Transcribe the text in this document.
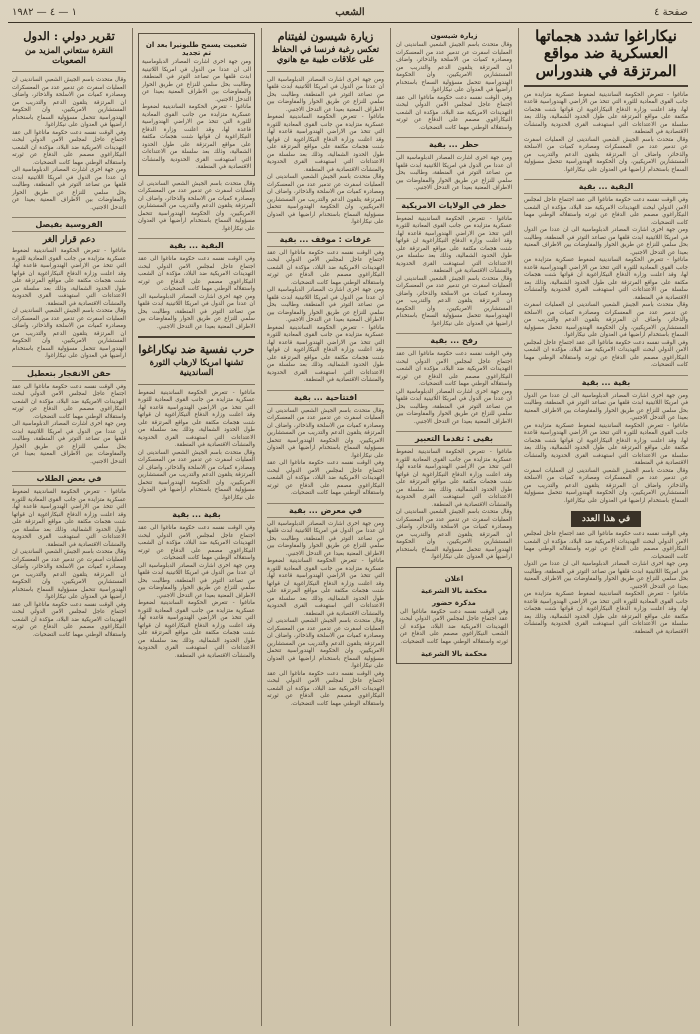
صفحة ٤
الشعب
١ — ٤ — ١٩٨٢
نيكاراغوا تشدد هجماتها العسكرية ضد مواقع المرتزقة في هندوراس
ماناغوا - تتعرض الحكومة الساندينية لضغوط عسكرية متزايدة من جانب القوى المعادية للثورة التي تتخذ من الاراضي الهندوراسية قاعدة لها، وقد اعلنت وزارة الدفاع النيكاراغوية ان قواتها شنت هجمات مكثفة على مواقع المرتزقة على طول الحدود الشمالية، وذلك بعد سلسلة من الاعتداءات التي استهدفت القرى الحدودية والمنشآت الاقتصادية في المنطقة.
وقال متحدث باسم الجيش الشعبي الساندينى ان العمليات اسفرت عن تدمير عدد من المعسكرات ومصادرة كميات من الاسلحة والذخائر، واضاف ان المرتزقة يتلقون الدعم والتدريب من المستشارين الامريكيين، وان الحكومة الهندوراسية تتحمل مسؤولية السماح باستخدام اراضيها في العدوان على نيكاراغوا.
البقية ... بقية
وفي الوقت نفسه دعت حكومة ماناغوا الى عقد اجتماع عاجل لمجلس الامن الدولي لبحث التهديدات الامريكية ضد البلاد، مؤكدة ان الشعب النيكاراغوي مصمم على الدفاع عن ثورته واستقلاله الوطني مهما كانت التضحيات.
ومن جهة اخرى اشارت المصادر الدبلوماسية الى ان عددا من الدول في امريكا اللاتينية ابدت قلقها من تصاعد التوتر في المنطقة، وطالبت بحل سلمي للنزاع عن طريق الحوار والمفاوضات بين الاطراف المعنية بعيدا عن التدخل الاجنبي.
ماناغوا - تتعرض الحكومة الساندينية لضغوط عسكرية متزايدة من جانب القوى المعادية للثورة التي تتخذ من الاراضي الهندوراسية قاعدة لها، وقد اعلنت وزارة الدفاع النيكاراغوية ان قواتها شنت هجمات مكثفة على مواقع المرتزقة على طول الحدود الشمالية، وذلك بعد سلسلة من الاعتداءات التي استهدفت القرى الحدودية والمنشآت الاقتصادية في المنطقة.
وقال متحدث باسم الجيش الشعبي الساندينى ان العمليات اسفرت عن تدمير عدد من المعسكرات ومصادرة كميات من الاسلحة والذخائر، واضاف ان المرتزقة يتلقون الدعم والتدريب من المستشارين الامريكيين، وان الحكومة الهندوراسية تتحمل مسؤولية السماح باستخدام اراضيها في العدوان على نيكاراغوا.
وفي الوقت نفسه دعت حكومة ماناغوا الى عقد اجتماع عاجل لمجلس الامن الدولي لبحث التهديدات الامريكية ضد البلاد، مؤكدة ان الشعب النيكاراغوي مصمم على الدفاع عن ثورته واستقلاله الوطني مهما كانت التضحيات.
بقية ... بقية
ومن جهة اخرى اشارت المصادر الدبلوماسية الى ان عددا من الدول في امريكا اللاتينية ابدت قلقها من تصاعد التوتر في المنطقة، وطالبت بحل سلمي للنزاع عن طريق الحوار والمفاوضات بين الاطراف المعنية بعيدا عن التدخل الاجنبي.
ماناغوا - تتعرض الحكومة الساندينية لضغوط عسكرية متزايدة من جانب القوى المعادية للثورة التي تتخذ من الاراضي الهندوراسية قاعدة لها، وقد اعلنت وزارة الدفاع النيكاراغوية ان قواتها شنت هجمات مكثفة على مواقع المرتزقة على طول الحدود الشمالية، وذلك بعد سلسلة من الاعتداءات التي استهدفت القرى الحدودية والمنشآت الاقتصادية في المنطقة.
وقال متحدث باسم الجيش الشعبي الساندينى ان العمليات اسفرت عن تدمير عدد من المعسكرات ومصادرة كميات من الاسلحة والذخائر، واضاف ان المرتزقة يتلقون الدعم والتدريب من المستشارين الامريكيين، وان الحكومة الهندوراسية تتحمل مسؤولية السماح باستخدام اراضيها في العدوان على نيكاراغوا.
في هذا العدد
وفي الوقت نفسه دعت حكومة ماناغوا الى عقد اجتماع عاجل لمجلس الامن الدولي لبحث التهديدات الامريكية ضد البلاد، مؤكدة ان الشعب النيكاراغوي مصمم على الدفاع عن ثورته واستقلاله الوطني مهما كانت التضحيات.
ومن جهة اخرى اشارت المصادر الدبلوماسية الى ان عددا من الدول في امريكا اللاتينية ابدت قلقها من تصاعد التوتر في المنطقة، وطالبت بحل سلمي للنزاع عن طريق الحوار والمفاوضات بين الاطراف المعنية بعيدا عن التدخل الاجنبي.
ماناغوا - تتعرض الحكومة الساندينية لضغوط عسكرية متزايدة من جانب القوى المعادية للثورة التي تتخذ من الاراضي الهندوراسية قاعدة لها، وقد اعلنت وزارة الدفاع النيكاراغوية ان قواتها شنت هجمات مكثفة على مواقع المرتزقة على طول الحدود الشمالية، وذلك بعد سلسلة من الاعتداءات التي استهدفت القرى الحدودية والمنشآت الاقتصادية في المنطقة.
زيارة شيسون
وقال متحدث باسم الجيش الشعبي الساندينى ان العمليات اسفرت عن تدمير عدد من المعسكرات ومصادرة كميات من الاسلحة والذخائر، واضاف ان المرتزقة يتلقون الدعم والتدريب من المستشارين الامريكيين، وان الحكومة الهندوراسية تتحمل مسؤولية السماح باستخدام اراضيها في العدوان على نيكاراغوا.
وفي الوقت نفسه دعت حكومة ماناغوا الى عقد اجتماع عاجل لمجلس الامن الدولي لبحث التهديدات الامريكية ضد البلاد، مؤكدة ان الشعب النيكاراغوي مصمم على الدفاع عن ثورته واستقلاله الوطني مهما كانت التضحيات.
حظر ... بقية
ومن جهة اخرى اشارت المصادر الدبلوماسية الى ان عددا من الدول في امريكا اللاتينية ابدت قلقها من تصاعد التوتر في المنطقة، وطالبت بحل سلمي للنزاع عن طريق الحوار والمفاوضات بين الاطراف المعنية بعيدا عن التدخل الاجنبي.
خطر في الولايات الامريكية
ماناغوا - تتعرض الحكومة الساندينية لضغوط عسكرية متزايدة من جانب القوى المعادية للثورة التي تتخذ من الاراضي الهندوراسية قاعدة لها، وقد اعلنت وزارة الدفاع النيكاراغوية ان قواتها شنت هجمات مكثفة على مواقع المرتزقة على طول الحدود الشمالية، وذلك بعد سلسلة من الاعتداءات التي استهدفت القرى الحدودية والمنشآت الاقتصادية في المنطقة.
وقال متحدث باسم الجيش الشعبي الساندينى ان العمليات اسفرت عن تدمير عدد من المعسكرات ومصادرة كميات من الاسلحة والذخائر، واضاف ان المرتزقة يتلقون الدعم والتدريب من المستشارين الامريكيين، وان الحكومة الهندوراسية تتحمل مسؤولية السماح باستخدام اراضيها في العدوان على نيكاراغوا.
رفح ... بقية
وفي الوقت نفسه دعت حكومة ماناغوا الى عقد اجتماع عاجل لمجلس الامن الدولي لبحث التهديدات الامريكية ضد البلاد، مؤكدة ان الشعب النيكاراغوي مصمم على الدفاع عن ثورته واستقلاله الوطني مهما كانت التضحيات.
ومن جهة اخرى اشارت المصادر الدبلوماسية الى ان عددا من الدول في امريكا اللاتينية ابدت قلقها من تصاعد التوتر في المنطقة، وطالبت بحل سلمي للنزاع عن طريق الحوار والمفاوضات بين الاطراف المعنية بعيدا عن التدخل الاجنبي.
بقيى : تقدما التعبير
ماناغوا - تتعرض الحكومة الساندينية لضغوط عسكرية متزايدة من جانب القوى المعادية للثورة التي تتخذ من الاراضي الهندوراسية قاعدة لها، وقد اعلنت وزارة الدفاع النيكاراغوية ان قواتها شنت هجمات مكثفة على مواقع المرتزقة على طول الحدود الشمالية، وذلك بعد سلسلة من الاعتداءات التي استهدفت القرى الحدودية والمنشآت الاقتصادية في المنطقة.
وقال متحدث باسم الجيش الشعبي الساندينى ان العمليات اسفرت عن تدمير عدد من المعسكرات ومصادرة كميات من الاسلحة والذخائر، واضاف ان المرتزقة يتلقون الدعم والتدريب من المستشارين الامريكيين، وان الحكومة الهندوراسية تتحمل مسؤولية السماح باستخدام اراضيها في العدوان على نيكاراغوا.
اعلان
محكمة بالا الشرعية
مذكرة حضور
وفي الوقت نفسه دعت حكومة ماناغوا الى عقد اجتماع عاجل لمجلس الامن الدولي لبحث التهديدات الامريكية ضد البلاد، مؤكدة ان الشعب النيكاراغوي مصمم على الدفاع عن ثورته واستقلاله الوطني مهما كانت التضحيات.
محكمة بالا الشرعية
زيارة شيسون لفيتنام
تعكس رغبة فرنسا في الحفاظ على علاقات طيبة مع هانوي
ومن جهة اخرى اشارت المصادر الدبلوماسية الى ان عددا من الدول في امريكا اللاتينية ابدت قلقها من تصاعد التوتر في المنطقة، وطالبت بحل سلمي للنزاع عن طريق الحوار والمفاوضات بين الاطراف المعنية بعيدا عن التدخل الاجنبي.
ماناغوا - تتعرض الحكومة الساندينية لضغوط عسكرية متزايدة من جانب القوى المعادية للثورة التي تتخذ من الاراضي الهندوراسية قاعدة لها، وقد اعلنت وزارة الدفاع النيكاراغوية ان قواتها شنت هجمات مكثفة على مواقع المرتزقة على طول الحدود الشمالية، وذلك بعد سلسلة من الاعتداءات التي استهدفت القرى الحدودية والمنشآت الاقتصادية في المنطقة.
وقال متحدث باسم الجيش الشعبي الساندينى ان العمليات اسفرت عن تدمير عدد من المعسكرات ومصادرة كميات من الاسلحة والذخائر، واضاف ان المرتزقة يتلقون الدعم والتدريب من المستشارين الامريكيين، وان الحكومة الهندوراسية تتحمل مسؤولية السماح باستخدام اراضيها في العدوان على نيكاراغوا.
غرفات : موقف ... بقية
وفي الوقت نفسه دعت حكومة ماناغوا الى عقد اجتماع عاجل لمجلس الامن الدولي لبحث التهديدات الامريكية ضد البلاد، مؤكدة ان الشعب النيكاراغوي مصمم على الدفاع عن ثورته واستقلاله الوطني مهما كانت التضحيات.
ومن جهة اخرى اشارت المصادر الدبلوماسية الى ان عددا من الدول في امريكا اللاتينية ابدت قلقها من تصاعد التوتر في المنطقة، وطالبت بحل سلمي للنزاع عن طريق الحوار والمفاوضات بين الاطراف المعنية بعيدا عن التدخل الاجنبي.
ماناغوا - تتعرض الحكومة الساندينية لضغوط عسكرية متزايدة من جانب القوى المعادية للثورة التي تتخذ من الاراضي الهندوراسية قاعدة لها، وقد اعلنت وزارة الدفاع النيكاراغوية ان قواتها شنت هجمات مكثفة على مواقع المرتزقة على طول الحدود الشمالية، وذلك بعد سلسلة من الاعتداءات التي استهدفت القرى الحدودية والمنشآت الاقتصادية في المنطقة.
افتتاحية ... بقية
وقال متحدث باسم الجيش الشعبي الساندينى ان العمليات اسفرت عن تدمير عدد من المعسكرات ومصادرة كميات من الاسلحة والذخائر، واضاف ان المرتزقة يتلقون الدعم والتدريب من المستشارين الامريكيين، وان الحكومة الهندوراسية تتحمل مسؤولية السماح باستخدام اراضيها في العدوان على نيكاراغوا.
وفي الوقت نفسه دعت حكومة ماناغوا الى عقد اجتماع عاجل لمجلس الامن الدولي لبحث التهديدات الامريكية ضد البلاد، مؤكدة ان الشعب النيكاراغوي مصمم على الدفاع عن ثورته واستقلاله الوطني مهما كانت التضحيات.
في معرض ... بقية
ومن جهة اخرى اشارت المصادر الدبلوماسية الى ان عددا من الدول في امريكا اللاتينية ابدت قلقها من تصاعد التوتر في المنطقة، وطالبت بحل سلمي للنزاع عن طريق الحوار والمفاوضات بين الاطراف المعنية بعيدا عن التدخل الاجنبي.
ماناغوا - تتعرض الحكومة الساندينية لضغوط عسكرية متزايدة من جانب القوى المعادية للثورة التي تتخذ من الاراضي الهندوراسية قاعدة لها، وقد اعلنت وزارة الدفاع النيكاراغوية ان قواتها شنت هجمات مكثفة على مواقع المرتزقة على طول الحدود الشمالية، وذلك بعد سلسلة من الاعتداءات التي استهدفت القرى الحدودية والمنشآت الاقتصادية في المنطقة.
وقال متحدث باسم الجيش الشعبي الساندينى ان العمليات اسفرت عن تدمير عدد من المعسكرات ومصادرة كميات من الاسلحة والذخائر، واضاف ان المرتزقة يتلقون الدعم والتدريب من المستشارين الامريكيين، وان الحكومة الهندوراسية تتحمل مسؤولية السماح باستخدام اراضيها في العدوان على نيكاراغوا.
وفي الوقت نفسه دعت حكومة ماناغوا الى عقد اجتماع عاجل لمجلس الامن الدولي لبحث التهديدات الامريكية ضد البلاد، مؤكدة ان الشعب النيكاراغوي مصمم على الدفاع عن ثورته واستقلاله الوطني مهما كانت التضحيات.
شعبيت يسمح طلبونيرا بعد ان تم تجديد
ومن جهة اخرى اشارت المصادر الدبلوماسية الى ان عددا من الدول في امريكا اللاتينية ابدت قلقها من تصاعد التوتر في المنطقة، وطالبت بحل سلمي للنزاع عن طريق الحوار والمفاوضات بين الاطراف المعنية بعيدا عن التدخل الاجنبي.
ماناغوا - تتعرض الحكومة الساندينية لضغوط عسكرية متزايدة من جانب القوى المعادية للثورة التي تتخذ من الاراضي الهندوراسية قاعدة لها، وقد اعلنت وزارة الدفاع النيكاراغوية ان قواتها شنت هجمات مكثفة على مواقع المرتزقة على طول الحدود الشمالية، وذلك بعد سلسلة من الاعتداءات التي استهدفت القرى الحدودية والمنشآت الاقتصادية في المنطقة.
وقال متحدث باسم الجيش الشعبي الساندينى ان العمليات اسفرت عن تدمير عدد من المعسكرات ومصادرة كميات من الاسلحة والذخائر، واضاف ان المرتزقة يتلقون الدعم والتدريب من المستشارين الامريكيين، وان الحكومة الهندوراسية تتحمل مسؤولية السماح باستخدام اراضيها في العدوان على نيكاراغوا.
البقية ... بقية
وفي الوقت نفسه دعت حكومة ماناغوا الى عقد اجتماع عاجل لمجلس الامن الدولي لبحث التهديدات الامريكية ضد البلاد، مؤكدة ان الشعب النيكاراغوي مصمم على الدفاع عن ثورته واستقلاله الوطني مهما كانت التضحيات.
ومن جهة اخرى اشارت المصادر الدبلوماسية الى ان عددا من الدول في امريكا اللاتينية ابدت قلقها من تصاعد التوتر في المنطقة، وطالبت بحل سلمي للنزاع عن طريق الحوار والمفاوضات بين الاطراف المعنية بعيدا عن التدخل الاجنبي.
حرب نفسية ضد نيكاراغوا
تشنها امريكا لارهاب الثورة الساندينية
ماناغوا - تتعرض الحكومة الساندينية لضغوط عسكرية متزايدة من جانب القوى المعادية للثورة التي تتخذ من الاراضي الهندوراسية قاعدة لها، وقد اعلنت وزارة الدفاع النيكاراغوية ان قواتها شنت هجمات مكثفة على مواقع المرتزقة على طول الحدود الشمالية، وذلك بعد سلسلة من الاعتداءات التي استهدفت القرى الحدودية والمنشآت الاقتصادية في المنطقة.
وقال متحدث باسم الجيش الشعبي الساندينى ان العمليات اسفرت عن تدمير عدد من المعسكرات ومصادرة كميات من الاسلحة والذخائر، واضاف ان المرتزقة يتلقون الدعم والتدريب من المستشارين الامريكيين، وان الحكومة الهندوراسية تتحمل مسؤولية السماح باستخدام اراضيها في العدوان على نيكاراغوا.
بقية ... بقية
وفي الوقت نفسه دعت حكومة ماناغوا الى عقد اجتماع عاجل لمجلس الامن الدولي لبحث التهديدات الامريكية ضد البلاد، مؤكدة ان الشعب النيكاراغوي مصمم على الدفاع عن ثورته واستقلاله الوطني مهما كانت التضحيات.
ومن جهة اخرى اشارت المصادر الدبلوماسية الى ان عددا من الدول في امريكا اللاتينية ابدت قلقها من تصاعد التوتر في المنطقة، وطالبت بحل سلمي للنزاع عن طريق الحوار والمفاوضات بين الاطراف المعنية بعيدا عن التدخل الاجنبي.
ماناغوا - تتعرض الحكومة الساندينية لضغوط عسكرية متزايدة من جانب القوى المعادية للثورة التي تتخذ من الاراضي الهندوراسية قاعدة لها، وقد اعلنت وزارة الدفاع النيكاراغوية ان قواتها شنت هجمات مكثفة على مواقع المرتزقة على طول الحدود الشمالية، وذلك بعد سلسلة من الاعتداءات التي استهدفت القرى الحدودية والمنشآت الاقتصادية في المنطقة.
تقرير دولي : الدول
النقرة ستعاني المزيد من الصعوبات
وقال متحدث باسم الجيش الشعبي الساندينى ان العمليات اسفرت عن تدمير عدد من المعسكرات ومصادرة كميات من الاسلحة والذخائر، واضاف ان المرتزقة يتلقون الدعم والتدريب من المستشارين الامريكيين، وان الحكومة الهندوراسية تتحمل مسؤولية السماح باستخدام اراضيها في العدوان على نيكاراغوا.
وفي الوقت نفسه دعت حكومة ماناغوا الى عقد اجتماع عاجل لمجلس الامن الدولي لبحث التهديدات الامريكية ضد البلاد، مؤكدة ان الشعب النيكاراغوي مصمم على الدفاع عن ثورته واستقلاله الوطني مهما كانت التضحيات.
ومن جهة اخرى اشارت المصادر الدبلوماسية الى ان عددا من الدول في امريكا اللاتينية ابدت قلقها من تصاعد التوتر في المنطقة، وطالبت بحل سلمي للنزاع عن طريق الحوار والمفاوضات بين الاطراف المعنية بعيدا عن التدخل الاجنبي.
الفروسية بفيصل
دعم قرار الغر
ماناغوا - تتعرض الحكومة الساندينية لضغوط عسكرية متزايدة من جانب القوى المعادية للثورة التي تتخذ من الاراضي الهندوراسية قاعدة لها، وقد اعلنت وزارة الدفاع النيكاراغوية ان قواتها شنت هجمات مكثفة على مواقع المرتزقة على طول الحدود الشمالية، وذلك بعد سلسلة من الاعتداءات التي استهدفت القرى الحدودية والمنشآت الاقتصادية في المنطقة.
وقال متحدث باسم الجيش الشعبي الساندينى ان العمليات اسفرت عن تدمير عدد من المعسكرات ومصادرة كميات من الاسلحة والذخائر، واضاف ان المرتزقة يتلقون الدعم والتدريب من المستشارين الامريكيين، وان الحكومة الهندوراسية تتحمل مسؤولية السماح باستخدام اراضيها في العدوان على نيكاراغوا.
حقن الانفجار بتعطيل
وفي الوقت نفسه دعت حكومة ماناغوا الى عقد اجتماع عاجل لمجلس الامن الدولي لبحث التهديدات الامريكية ضد البلاد، مؤكدة ان الشعب النيكاراغوي مصمم على الدفاع عن ثورته واستقلاله الوطني مهما كانت التضحيات.
ومن جهة اخرى اشارت المصادر الدبلوماسية الى ان عددا من الدول في امريكا اللاتينية ابدت قلقها من تصاعد التوتر في المنطقة، وطالبت بحل سلمي للنزاع عن طريق الحوار والمفاوضات بين الاطراف المعنية بعيدا عن التدخل الاجنبي.
في بعض الطلاب
ماناغوا - تتعرض الحكومة الساندينية لضغوط عسكرية متزايدة من جانب القوى المعادية للثورة التي تتخذ من الاراضي الهندوراسية قاعدة لها، وقد اعلنت وزارة الدفاع النيكاراغوية ان قواتها شنت هجمات مكثفة على مواقع المرتزقة على طول الحدود الشمالية، وذلك بعد سلسلة من الاعتداءات التي استهدفت القرى الحدودية والمنشآت الاقتصادية في المنطقة.
وقال متحدث باسم الجيش الشعبي الساندينى ان العمليات اسفرت عن تدمير عدد من المعسكرات ومصادرة كميات من الاسلحة والذخائر، واضاف ان المرتزقة يتلقون الدعم والتدريب من المستشارين الامريكيين، وان الحكومة الهندوراسية تتحمل مسؤولية السماح باستخدام اراضيها في العدوان على نيكاراغوا.
وفي الوقت نفسه دعت حكومة ماناغوا الى عقد اجتماع عاجل لمجلس الامن الدولي لبحث التهديدات الامريكية ضد البلاد، مؤكدة ان الشعب النيكاراغوي مصمم على الدفاع عن ثورته واستقلاله الوطني مهما كانت التضحيات.
